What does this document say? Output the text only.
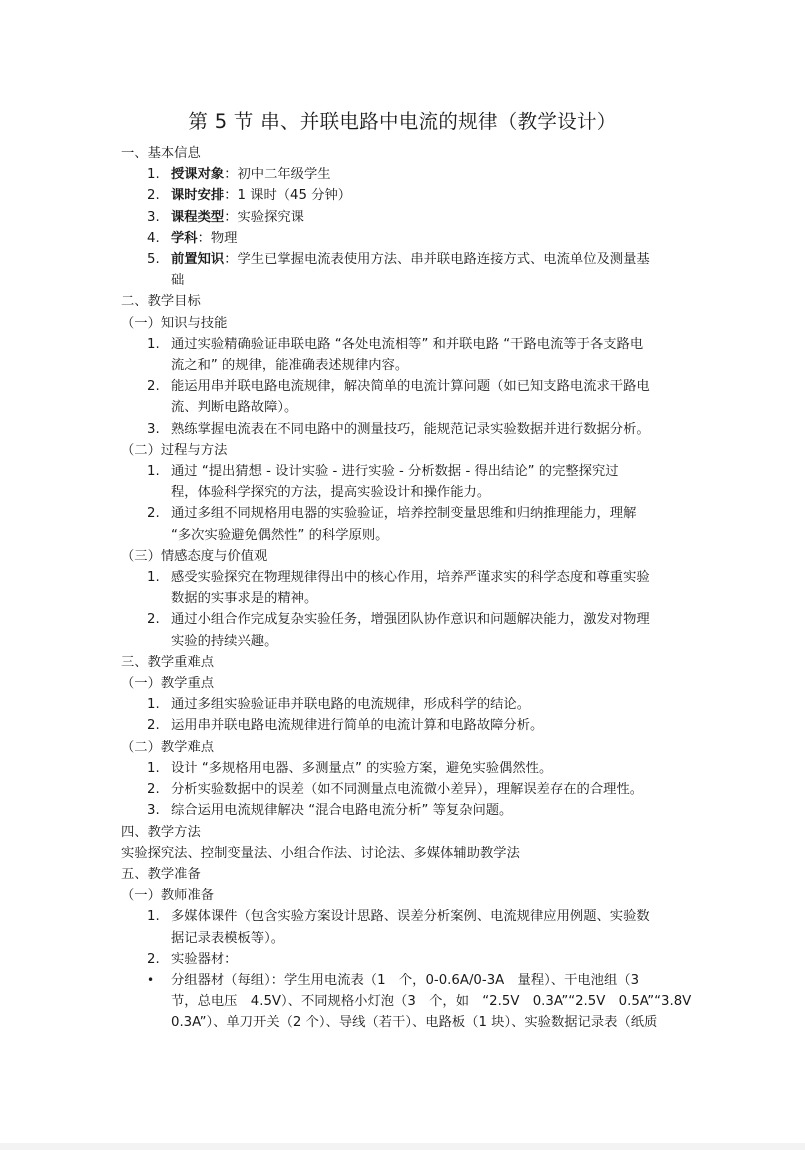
第 5 节 串、并联电路中电流的规律（教学设计）
一、基本信息
1. 授课对象：初中二年级学生
2. 课时安排：1 课时（45 分钟）
3. 课程类型：实验探究课
4. 学科：物理
5. 前置知识：学生已掌握电流表使用方法、串并联电路连接方式、电流单位及测量基
础
二、教学目标
（一）知识与技能
1. 通过实验精确验证串联电路 “各处电流相等” 和并联电路 “干路电流等于各支路电
流之和” 的规律，能准确表述规律内容。
2. 能运用串并联电路电流规律，解决简单的电流计算问题（如已知支路电流求干路电
流、判断电路故障）。
3. 熟练掌握电流表在不同电路中的测量技巧，能规范记录实验数据并进行数据分析。
（二）过程与方法
1. 通过 “提出猜想 - 设计实验 - 进行实验 - 分析数据 - 得出结论” 的完整探究过
程，体验科学探究的方法，提高实验设计和操作能力。
2. 通过多组不同规格用电器的实验验证，培养控制变量思维和归纳推理能力，理解
“多次实验避免偶然性” 的科学原则。
（三）情感态度与价值观
1. 感受实验探究在物理规律得出中的核心作用，培养严谨求实的科学态度和尊重实验
数据的实事求是的精神。
2. 通过小组合作完成复杂实验任务，增强团队协作意识和问题解决能力，激发对物理
实验的持续兴趣。
三、教学重难点
（一）教学重点
1. 通过多组实验验证串并联电路的电流规律，形成科学的结论。
2. 运用串并联电路电流规律进行简单的电流计算和电路故障分析。
（二）教学难点
1. 设计 “多规格用电器、多测量点” 的实验方案，避免实验偶然性。
2. 分析实验数据中的误差（如不同测量点电流微小差异），理解误差存在的合理性。
3. 综合运用电流规律解决 “混合电路电流分析” 等复杂问题。
四、教学方法
实验探究法、控制变量法、小组合作法、讨论法、多媒体辅助教学法
五、教学准备
（一）教师准备
1. 多媒体课件（包含实验方案设计思路、误差分析案例、电流规律应用例题、实验数
据记录表模板等）。
2. 实验器材：
• 分组器材（每组）：学生用电流表（1　个，0-0.6A/0-3A　量程）、干电池组（3
节，总电压　4.5V）、不同规格小灯泡（3　个，如　“2.5V　0.3A”“2.5V　0.5A”“3.8V
0.3A”）、单刀开关（2 个）、导线（若干）、电路板（1 块）、实验数据记录表（纸质
